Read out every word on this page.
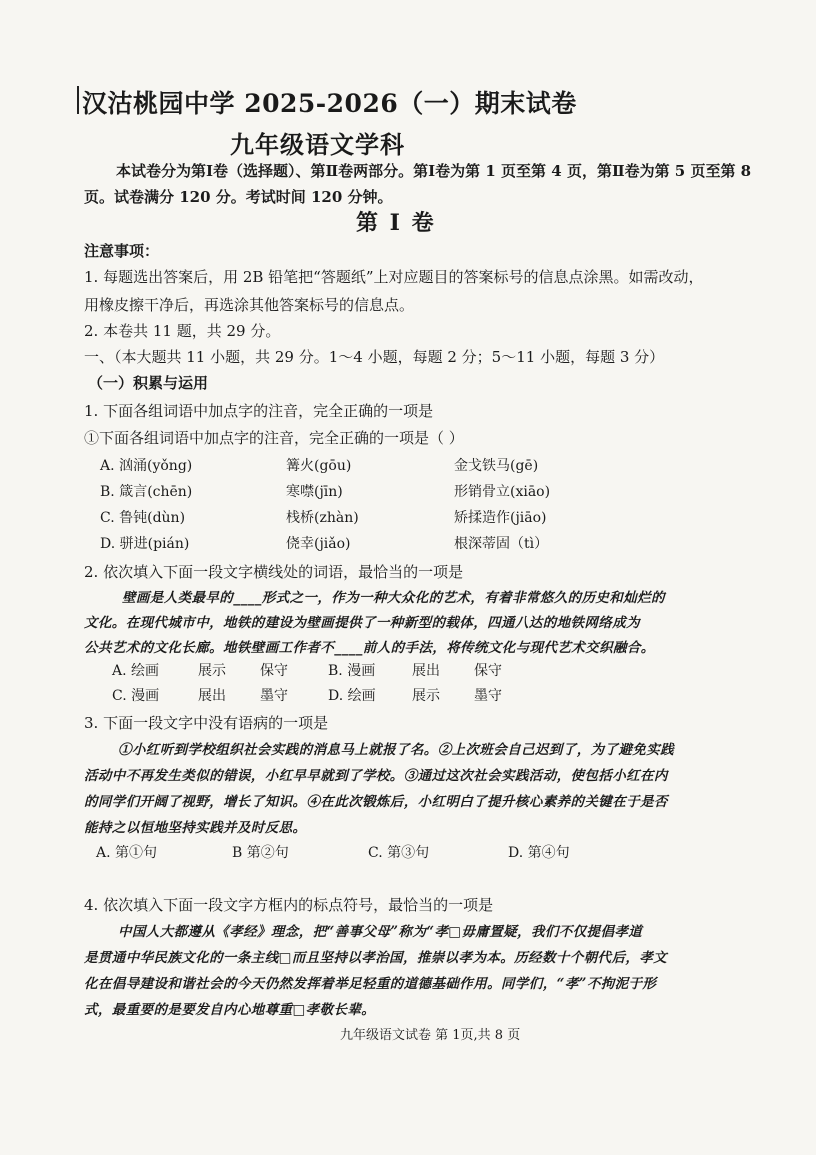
汉沽桃园中学 2025-2026（一）期末试卷
九年级语文学科
本试卷分为第Ⅰ卷（选择题）、第Ⅱ卷两部分。第Ⅰ卷为第 1 页至第 4 页，第Ⅱ卷为第 5 页至第 8
页。试卷满分 120 分。考试时间 120 分钟。
第 I 卷
注意事项：
1. 每题选出答案后，用 2B 铅笔把“答题纸”上对应题目的答案标号的信息点涂黑。如需改动，
用橡皮擦干净后，再选涂其他答案标号的信息点。
2. 本卷共 11 题，共 29 分。
一、（本大题共 11 小题，共 29 分。1～4 小题，每题 2 分；5～11 小题，每题 3 分）
（一）积累与运用
1. 下面各组词语中加点字的注音，完全正确的一项是
①下面各组词语中加点字的注音，完全正确的一项是（ ）
A. 汹涌(yǒng)	篝火(gōu)	金戈铁马(gē)
B. 箴言(chēn)	寒噤(jīn)	形销骨立(xiāo)
C. 鲁钝(dùn)	栈桥(zhàn)	矫揉造作(jiāo)
D. 骈进(pián)	侥幸(jiǎo)	根深蒂固（tì）
2. 依次填入下面一段文字横线处的词语，最恰当的一项是
壁画是人类最早的____形式之一，作为一种大众化的艺术，有着非常悠久的历史和灿烂的
文化。在现代城市中，地铁的建设为壁画提供了一种新型的载体，四通八达的地铁网络成为
公共艺术的文化长廊。地铁壁画工作者不____前人的手法，将传统文化与现代艺术交织融合。
A. 绘画	展示 保守	B. 漫画	展出 保守
C. 漫画	展出 墨守	D. 绘画	展示 墨守
3. 下面一段文字中没有语病的一项是
①小红听到学校组织社会实践的消息马上就报了名。②上次班会自己迟到了，为了避免实践
活动中不再发生类似的错误，小红早早就到了学校。③通过这次社会实践活动，使包括小红在内
的同学们开阔了视野，增长了知识。④在此次锻炼后，小红明白了提升核心素养的关键在于是否
能持之以恒地坚持实践并及时反思。
A. 第①句	B 第②句	C. 第③句	D. 第④句
4. 依次填入下面一段文字方框内的标点符号，最恰当的一项是
中国人大都遵从《孝经》理念，把“善事父母”称为“孝□毋庸置疑，我们不仅提倡孝道
是贯通中华民族文化的一条主线□而且坚持以孝治国，推崇以孝为本。历经数十个朝代后，孝文
化在倡导建设和谐社会的今天仍然发挥着举足轻重的道德基础作用。同学们，“孝”不拘泥于形
式，最重要的是要发自内心地尊重□孝敬长辈。
九年级语文试卷 第 1页,共 8 页
